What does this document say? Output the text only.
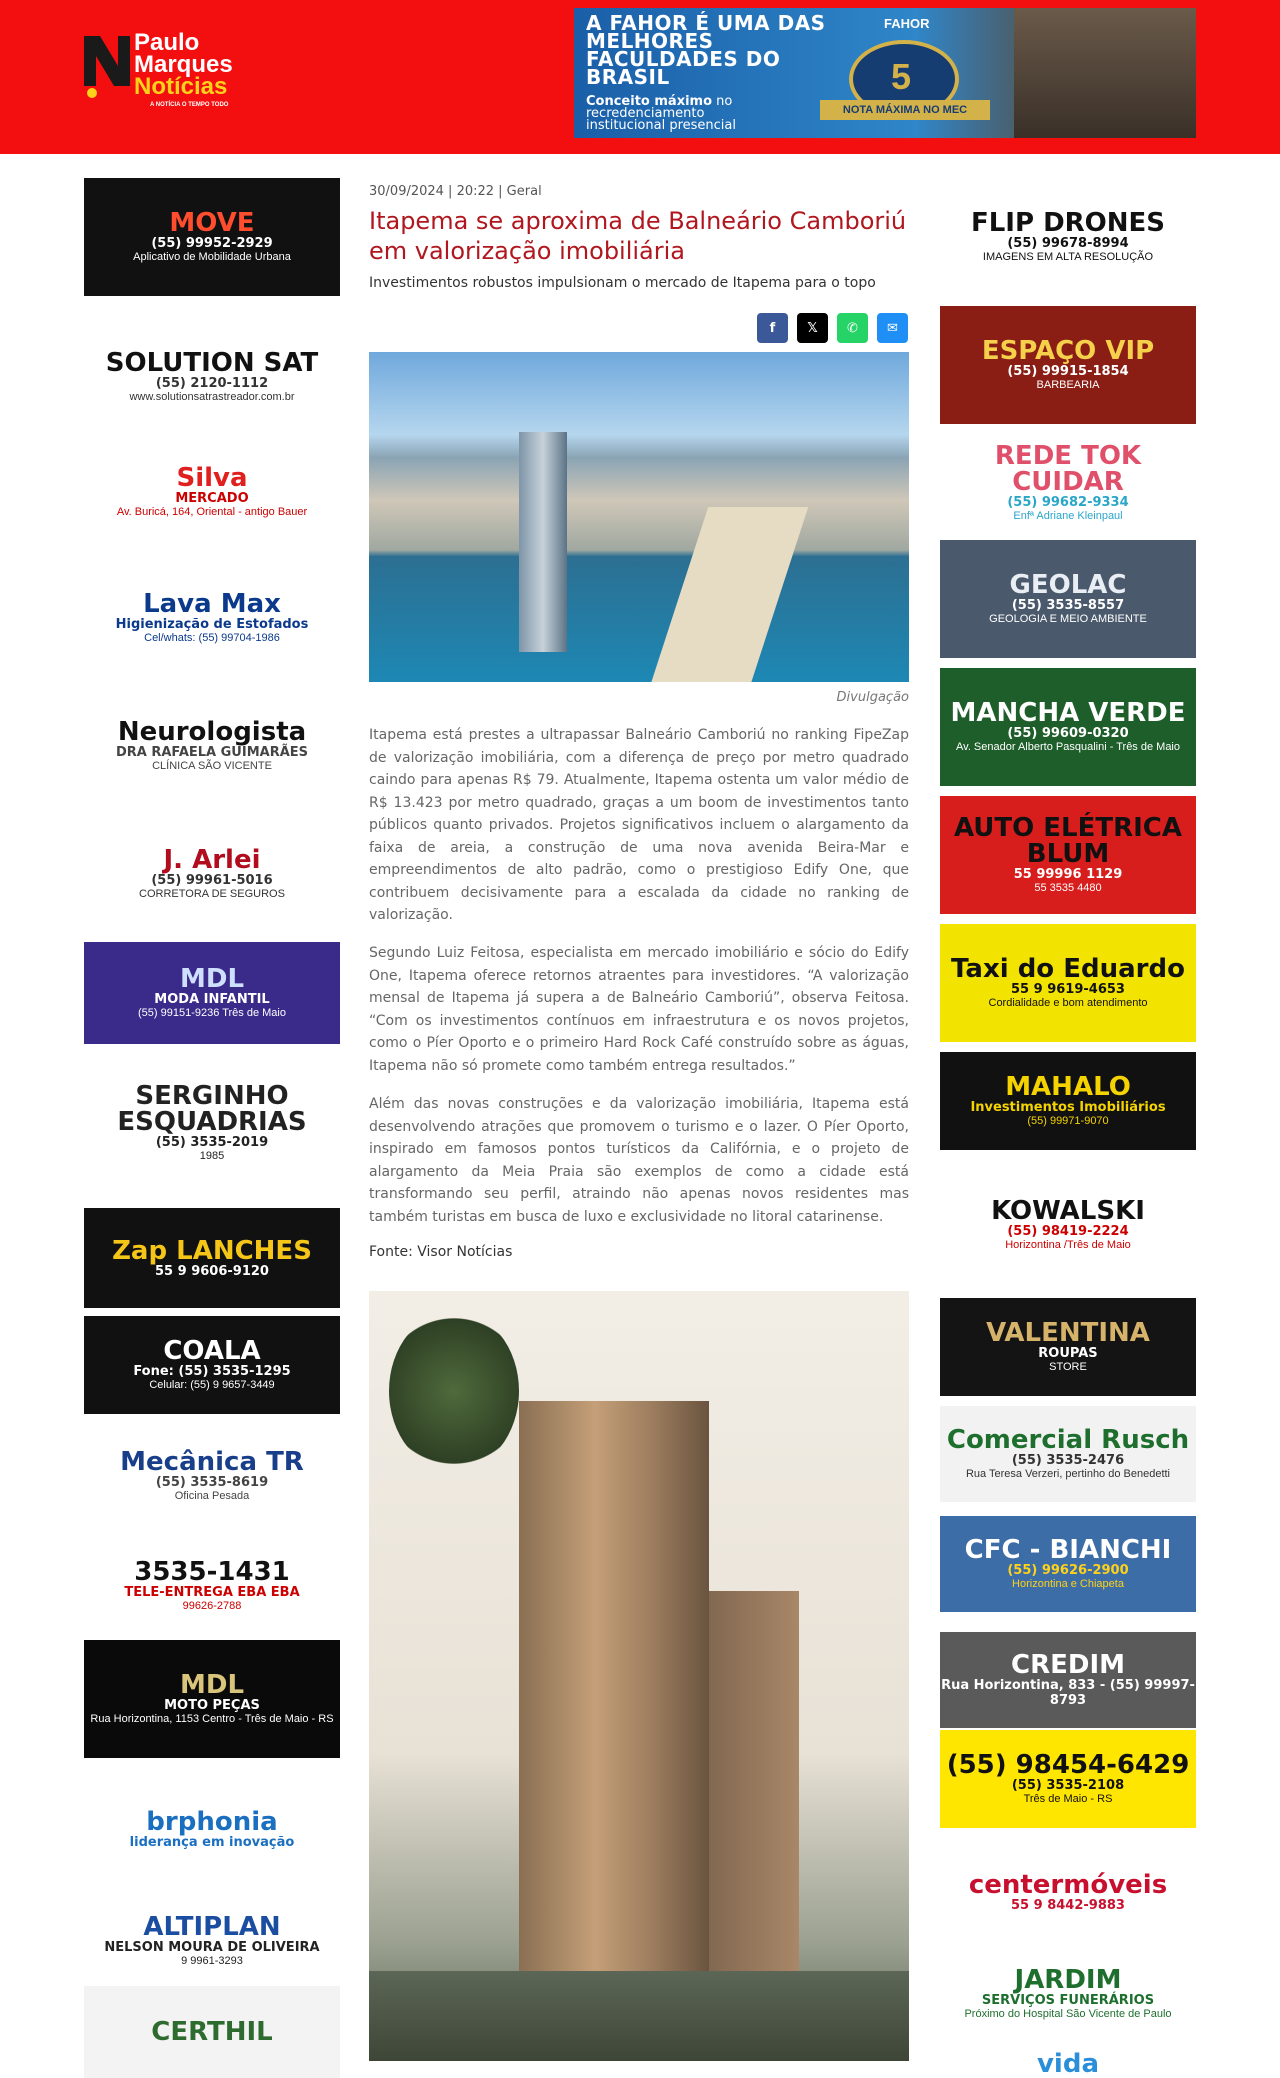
Paulo
Marques
Notícias
A NOTÍCIA O TEMPO TODO
A FAHOR É UMA DAS MELHORES FACULDADES DO BRASIL
Conceito máximo no recredenciamento institucional presencial
FAHOR
5
NOTA MÁXIMA NO MEC
MOVE
(55) 99952-2929
Aplicativo de Mobilidade Urbana
SOLUTION SAT
(55) 2120-1112
www.solutionsatrastreador.com.br
Silva
MERCADO
Av. Buricá, 164, Oriental - antigo Bauer
Lava Max
Higienização de Estofados
Cel/whats: (55) 99704-1986
Neurologista
DRA RAFAELA GUIMARÃES
CLÍNICA SÃO VICENTE
J. Arlei
(55) 99961-5016
CORRETORA DE SEGUROS
MDL
MODA INFANTIL
(55) 99151-9236 Três de Maio
SERGINHO ESQUADRIAS
(55) 3535-2019
1985
Zap LANCHES
55 9 9606-9120
COALA
Fone: (55) 3535-1295
Celular: (55) 9 9657-3449
Mecânica TR
(55) 3535-8619
Oficina Pesada
3535-1431
TELE-ENTREGA EBA EBA
99626-2788
MDL
MOTO PEÇAS
Rua Horizontina, 1153 Centro - Três de Maio - RS
brphonia
liderança em inovação
ALTIPLAN
NELSON MOURA DE OLIVEIRA
9 9961-3293
CERTHIL
FLIP DRONES
(55) 99678-8994
IMAGENS EM ALTA RESOLUÇÃO
ESPAÇO VIP
(55) 99915-1854
BARBEARIA
REDE TOK CUIDAR
(55) 99682-9334
Enfª Adriane Kleinpaul
GEOLAC
(55) 3535-8557
GEOLOGIA E MEIO AMBIENTE
MANCHA VERDE
(55) 99609-0320
Av. Senador Alberto Pasqualini - Três de Maio
AUTO ELÉTRICA BLUM
55 99996 1129
55 3535 4480
Taxi do Eduardo
55 9 9619-4653
Cordialidade e bom atendimento
MAHALO
Investimentos Imobiliários
(55) 99971-9070
KOWALSKI
(55) 98419-2224
Horizontina /Três de Maio
VALENTINA
ROUPAS
STORE
Comercial Rusch
(55) 3535-2476
Rua Teresa Verzeri, pertinho do Benedetti
CFC - BIANCHI
(55) 99626-2900
Horizontina e Chiapeta
CREDIM
Rua Horizontina, 833 - (55) 99997-8793
(55) 98454-6429
(55) 3535-2108
Três de Maio - RS
centermóveis
55 9 8442-9883
JARDIM
SERVIÇOS FUNERÁRIOS
Próximo do Hospital São Vicente de Paulo
vida
30/09/2024 | 20:22 | Geral
Itapema se aproxima de Balneário Camboriú em valorização imobiliária
Investimentos robustos impulsionam o mercado de Itapema para o topo
f	𝕏	✆	✉
Divulgação

Itapema está prestes a ultrapassar Balneário Camboriú no ranking FipeZap de valorização imobiliária, com a diferença de preço por metro quadrado caindo para apenas R$ 79. Atualmente, Itapema ostenta um valor médio de R$ 13.423 por metro quadrado, graças a um boom de investimentos tanto públicos quanto privados. Projetos significativos incluem o alargamento da faixa de areia, a construção de uma nova avenida Beira-Mar e empreendimentos de alto padrão, como o prestigioso Edify One, que contribuem decisivamente para a escalada da cidade no ranking de valorização.

Segundo Luiz Feitosa, especialista em mercado imobiliário e sócio do Edify One, Itapema oferece retornos atraentes para investidores. “A valorização mensal de Itapema já supera a de Balneário Camboriú”, observa Feitosa. “Com os investimentos contínuos em infraestrutura e os novos projetos, como o Píer Oporto e o primeiro Hard Rock Café construído sobre as águas, Itapema não só promete como também entrega resultados.”

Além das novas construções e da valorização imobiliária, Itapema está desenvolvendo atrações que promovem o turismo e o lazer. O Píer Oporto, inspirado em famosos pontos turísticos da Califórnia, e o projeto de alargamento da Meia Praia são exemplos de como a cidade está transformando seu perfil, atraindo não apenas novos residentes mas também turistas em busca de luxo e exclusividade no litoral catarinense.

Fonte: Visor Notícias
